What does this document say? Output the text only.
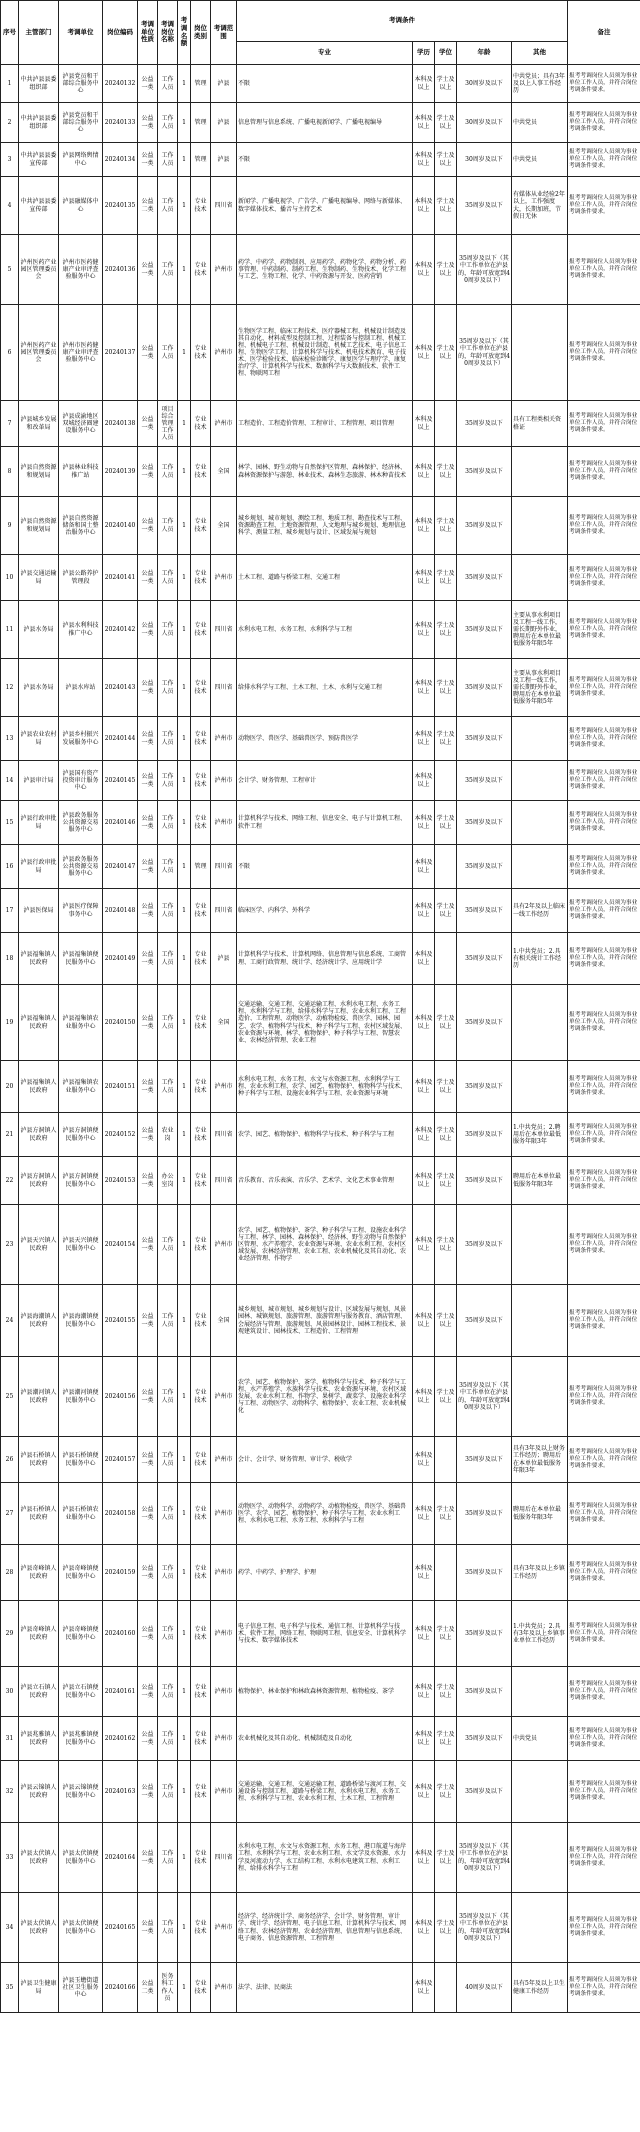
序号	主管部门	考调单位	岗位编码	考调单位性质	考调岗位名称	考调名额	岗位类别	考调范围	考调条件					备注
									专业	学历	学位	年龄	其他	
1	中共泸县县委组织部	泸县党员和干部综合服务中心	20240132	公益一类	工作人员	1	管理	泸县	不限	本科及以上	学士及以上	30周岁及以下	中共党员；具有3年及以上人事工作经历	报考考调岗位人员须为事业单位工作人员，并符合岗位考调条件要求。
2	中共泸县县委组织部	泸县党员和干部综合服务中心	20240133	公益一类	工作人员	1	管理	泸县	信息管理与信息系统、广播电视新闻学、广播电视编导	本科及以上	学士及以上	30周岁及以下	中共党员	报考考调岗位人员须为事业单位工作人员，并符合岗位考调条件要求。
3	中共泸县县委宣传部	泸县网络舆情中心	20240134	公益一类	工作人员	1	管理	泸县	不限	本科及以上	学士及以上	30周岁及以下	中共党员	报考考调岗位人员须为事业单位工作人员，并符合岗位考调条件要求。
4	中共泸县县委宣传部	泸县融媒体中心	20240135	公益二类	工作人员	1	专业技术	四川省	新闻学、广播电视学、广告学、广播电视编导、网络与新媒体、数字媒体技术、播音与主持艺术	本科及以上	学士及以上	35周岁及以下	有媒体从业经验2年以上，工作强度大，长期加班，节假日无休	报考考调岗位人员须为事业单位工作人员，并符合岗位考调条件要求。
5	泸州医药产业园区管理委员会	泸州市医药健康产业审评查验服务中心	20240136	公益一类	工作人员	1	专业技术	泸州市	药学、中药学、药物制剂、应用药学、药物化学、药物分析、药事管理、中药制药、制药工程、生物制药、生物技术、化学工程与工艺、生物工程、化学、中药资源与开发、医药营销	本科及以上	学士及以上	35周岁及以下（其中工作单位在泸县的，年龄可放宽到40周岁及以下）		报考考调岗位人员须为事业单位工作人员，并符合岗位考调条件要求。
6	泸州医药产业园区管理委员会	泸州市医药健康产业审评查验服务中心	20240137	公益一类	工作人员	1	专业技术	泸州市	生物医学工程、临床工程技术、医疗器械工程、机械设计制造及其自动化、材料成型及控制工程、过程装备与控制工程、机械工程、机械电子工程、机械设计制造、机械工艺技术、电子信息工程、生物医学工程、计算机科学与技术、机电技术教育、电子技术、医学检验技术、临床检验诊断学、康复医学与理疗学、康复治疗学、计算机科学与技术、数据科学与大数据技术、软件工程、物联网工程	本科及以上	学士及以上	35周岁及以下（其中工作单位在泸县的，年龄可放宽到40周岁及以下）		报考考调岗位人员须为事业单位工作人员，并符合岗位考调条件要求。
7	泸县城乡发展和改革局	泸县成渝地区双城经济圈建设服务中心	20240138	公益一类	项目综合管理工作人员	1	专业技术	泸州市	工程造价、工程造价管理、工程审计、工程管理、项目管理	本科及以上		35周岁及以下	具有工程类相关资格证	报考考调岗位人员须为事业单位工作人员，并符合岗位考调条件要求。
8	泸县自然资源和规划局	泸县林业科技推广站	20240139	公益一类	工作人员	1	专业技术	全国	林学、园林、野生动物与自然保护区管理、森林保护、经济林、森林资源保护与游憩、林业技术、森林生态旅游、林木种苗技术	本科及以上	学士及以上	35周岁及以下		报考考调岗位人员须为事业单位工作人员，并符合岗位考调条件要求。
9	泸县自然资源和规划局	泸县自然资源储备和国土整治服务中心	20240140	公益一类	工作人员	1	专业技术	全国	城乡规划、城市规划、测绘工程、地质工程、勘查技术与工程、资源勘查工程、土地资源管理、人文地理与城乡规划、地理信息科学、测量工程、城乡规划与设计、区域发展与规划	本科及以上	学士及以上	35周岁及以下		报考考调岗位人员须为事业单位工作人员，并符合岗位考调条件要求。
10	泸县交通运输局	泸县公路养护管理段	20240141	公益一类	工作人员	1	专业技术	泸州市	土木工程、道路与桥梁工程、交通工程	本科及以上	学士及以上	35周岁及以下		报考考调岗位人员须为事业单位工作人员，并符合岗位考调条件要求。
11	泸县水务局	泸县水利科技推广中心	20240142	公益一类	工作人员	1	专业技术	四川省	水利水电工程、水务工程、水利科学与工程	本科及以上	学士及以上	35周岁及以下	主要从事水利项目及工程一线工作，需长期野外作业，聘用后在本单位最低服务年限5年	报考考调岗位人员须为事业单位工作人员，并符合岗位考调条件要求。
12	泸县水务局	泸县水库站	20240143	公益一类	工作人员	1	专业技术	四川省	给排水科学与工程、土木工程、土木、水利与交通工程	本科及以上	学士及以上	35周岁及以下	主要从事水利项目及工程一线工作，需长期野外作业，聘用后在本单位最低服务年限5年	报考考调岗位人员须为事业单位工作人员，并符合岗位考调条件要求。
13	泸县农业农村局	泸县乡村振兴发展服务中心	20240144	公益一类	工作人员	1	专业技术	泸州市	动物医学、兽医学、基础兽医学、预防兽医学	本科及以上	学士及以上	35周岁及以下		报考考调岗位人员须为事业单位工作人员，并符合岗位考调条件要求。
14	泸县审计局	泸县国有资产投资审计服务中心	20240145	公益一类	工作人员	1	专业技术	泸州市	会计学、财务管理、工程审计	本科及以上		35周岁及以下		报考考调岗位人员须为事业单位工作人员，并符合岗位考调条件要求。
15	泸县行政审批局	泸县政务服务公共资源交易服务中心	20240146	公益一类	工作人员	1	专业技术	泸州市	计算机科学与技术、网络工程、信息安全、电子与计算机工程、软件工程	本科及以上	学士及以上	35周岁及以下		报考考调岗位人员须为事业单位工作人员，并符合岗位考调条件要求。
16	泸县行政审批局	泸县政务服务公共资源交易服务中心	20240147	公益一类	工作人员	1	管理	四川省	不限	本科及以上		35周岁及以下		报考考调岗位人员须为事业单位工作人员，并符合岗位考调条件要求。
17	泸县医保局	泸县医疗保障事务中心	20240148	公益一类	工作人员	1	专业技术	四川省	临床医学、内科学、外科学	本科及以上	学士及以上	35周岁及以下	具有2年及以上临床一线工作经历	报考考调岗位人员须为事业单位工作人员，并符合岗位考调条件要求。
18	泸县福集镇人民政府	泸县福集镇便民服务中心	20240149	公益一类	工作人员	1	专业技术	泸县	计算机科学与技术、计算机网络、信息管理与信息系统、工商管理、工商行政管理、统计学、经济统计学、应用统计学	本科及以上		35周岁及以下	1.中共党员；2.具有相关统计工作经历	报考考调岗位人员须为事业单位工作人员，并符合岗位考调条件要求。
19	泸县福集镇人民政府	泸县福集镇农业服务中心	20240150	公益一类	工作人员	1	专业技术	全国	交通运输、交通工程、交通运输工程、水利水电工程、水务工程、水利科学与工程、给排水科学与工程、农业水利工程、工程造价、工程管理、动物医学、动植物检疫、兽医学、园林、园艺、农学、植物科学与技术、种子科学与工程、农村区域发展、农业资源与环境、林学、植物保护、种子科学与工程、智慧农业、农林经济管理、农业工程	本科及以上	学士及以上	35周岁及以下		报考考调岗位人员须为事业单位工作人员，并符合岗位考调条件要求。
20	泸县福集镇人民政府	泸县福集镇农业服务中心	20240151	公益一类	工作人员	1	专业技术	泸州市	水利水电工程、水务工程、水文与水资源工程、水利科学与工程、农业水利工程、农学、园艺、植物保护、植物科学与技术、种子科学与工程、设施农业科学与工程、农业资源与环境	本科及以上	学士及以上	35周岁及以下		报考考调岗位人员须为事业单位工作人员，并符合岗位考调条件要求。
21	泸县方洞镇人民政府	泸县方洞镇便民服务中心	20240152	公益一类	农业岗	1	专业技术	四川省	农学、园艺、植物保护、植物科学与技术、种子科学与工程	本科及以上	学士及以上	35周岁及以下	1.中共党员；2.聘用后在本单位最低服务年限3年	报考考调岗位人员须为事业单位工作人员，并符合岗位考调条件要求。
22	泸县方洞镇人民政府	泸县方洞镇便民服务中心	20240153	公益一类	办公室岗	1	专业技术	四川省	音乐教育、音乐表演、音乐学、艺术学、文化艺术事业管理	本科及以上	学士及以上	35周岁及以下	聘用后在本单位最低服务年限3年	报考考调岗位人员须为事业单位工作人员，并符合岗位考调条件要求。
23	泸县天兴镇人民政府	泸县天兴镇便民服务中心	20240154	公益一类	工作人员	1	专业技术	泸州市	农学、园艺、植物保护、茶学、种子科学与工程、设施农业科学与工程、林学、园林、森林保护、经济林、野生动物与自然保护区管理、水产养殖学、农业资源与环境、农业水利工程、农村区域发展、农林经济管理、农业工程、农业机械化及其自动化、农业经济管理、作物学	本科及以上	学士及以上	35周岁及以下		报考考调岗位人员须为事业单位工作人员，并符合岗位考调条件要求。
24	泸县海潮镇人民政府	泸县海潮镇便民服务中心	20240155	公益一类	工作人员	1	专业技术	全国	城乡规划、城市规划、城乡规划与设计、区域发展与规划、风景园林、城镇规划、旅游管理、旅游管理与服务教育、酒店管理、会展经济与管理、旅游规划、风景园林设计、园林工程技术、景观建筑设计、园林技术、工程造价、工程管理	本科及以上	学士及以上	35周岁及以下		报考考调岗位人员须为事业单位工作人员，并符合岗位考调条件要求。
25	泸县潮河镇人民政府	泸县潮河镇便民服务中心	20240156	公益一类	工作人员	1	专业技术	泸州市	农学、园艺、植物保护、茶学、植物科学与技术、种子科学与工程、水产养殖学、水族科学与技术、农业资源与环境、农村区域发展、农业水利工程、作物学、果树学、蔬菜学、设施农业科学与工程、动物医学、动物科学、植物保护、农业工程、农业机械化	本科及以上	学士及以上	35周岁及以下（其中工作单位在泸县的，年龄可放宽到40周岁及以下）		报考考调岗位人员须为事业单位工作人员，并符合岗位考调条件要求。
26	泸县石桥镇人民政府	泸县石桥镇便民服务中心	20240157	公益一类	工作人员	1	专业技术	泸州市	会计、会计学、财务管理、审计学、税收学	本科及以上		35周岁及以下	具有3年及以上财务工作经历；聘用后在本单位最低服务年限3年	报考考调岗位人员须为事业单位工作人员，并符合岗位考调条件要求。
27	泸县石桥镇人民政府	泸县石桥镇农业服务中心	20240158	公益一类	工作人员	1	专业技术	泸州市	动物医学、动物科学、动物药学、动植物检疫、兽医学、基础兽医学、农学、园艺、植物保护、种子科学与工程、农业水利工程、水利水电工程、水务工程、水利科学与工程	本科及以上	学士及以上	35周岁及以下	聘用后在本单位最低服务年限3年	报考考调岗位人员须为事业单位工作人员，并符合岗位考调条件要求。
28	泸县奇峰镇人民政府	泸县奇峰镇便民服务中心	20240159	公益一类	工作人员	1	专业技术	泸州市	药学、中药学、护理学、护理	本科及以上		35周岁及以下	具有3年及以上乡镇工作经历	报考考调岗位人员须为事业单位工作人员，并符合岗位考调条件要求。
29	泸县奇峰镇人民政府	泸县奇峰镇便民服务中心	20240160	公益一类	工作人员	1	专业技术	泸州市	电子信息工程、电子科学与技术、通信工程、计算机科学与技术、软件工程、网络工程、物联网工程、信息安全、计算机科学与技术、数字媒体技术	本科及以上	学士及以上	35周岁及以下	1.中共党员；2.具有3年及以上乡镇事业单位工作经历	报考考调岗位人员须为事业单位工作人员，并符合岗位考调条件要求。
30	泸县立石镇人民政府	泸县立石镇便民服务中心	20240161	公益一类	工作人员	1	专业技术	泸州市	植物保护、林业保护和林政森林资源管理、植物检疫、茶学	本科及以上	学士及以上	35周岁及以下		报考考调岗位人员须为事业单位工作人员，并符合岗位考调条件要求。
31	泸县兆雅镇人民政府	泸县兆雅镇便民服务中心	20240162	公益一类	工作人员	1	专业技术	泸州市	农业机械化及其自动化、机械制造及自动化	本科及以上	学士及以上	35周岁及以下	中共党员	报考考调岗位人员须为事业单位工作人员，并符合岗位考调条件要求。
32	泸县云锦镇人民政府	泸县云锦镇便民服务中心	20240163	公益一类	工作人员	1	专业技术	泸州市	交通运输、交通工程、交通运输工程、道路桥梁与渡河工程、交通设备与控制工程、道路与桥梁工程、水利水电工程、水务工程、水利科学与工程、农业水利工程、土木工程、工程管理	本科及以上	学士及以上	35周岁及以下		报考考调岗位人员须为事业单位工作人员，并符合岗位考调条件要求。
33	泸县太伏镇人民政府	泸县太伏镇便民服务中心	20240164	公益一类	工作人员	1	专业技术	四川省	水利水电工程、水文与水资源工程、水务工程、港口航道与海岸工程、水利科学与工程、农业水利工程、水文学及水资源、水力学及河流动力学、水工结构工程、水利水电建筑工程、水利工程、给排水科学与工程	本科及以上	学士及以上	35周岁及以下（其中工作单位在泸县的，年龄可放宽到40周岁及以下）		报考考调岗位人员须为事业单位工作人员，并符合岗位考调条件要求。
34	泸县太伏镇人民政府	泸县太伏镇便民服务中心	20240165	公益一类	工作人员	1	专业技术	泸州市	经济学、经济统计学、商务经济学、会计学、财务管理、审计学、统计学、经济管理、电子信息工程、计算机科学与技术、网络工程、农林经济管理、农业经济管理、信息管理与信息系统、电子商务、信息资源管理、工程管理	本科及以上	学士及以上	35周岁及以下（其中工作单位在泸县的，年龄可放宽到40周岁及以下）		报考考调岗位人员须为事业单位工作人员，并符合岗位考调条件要求。
35	泸县卫生健康局	泸县玉蟾街道社区卫生服务中心	20240166	公益二类	医务科工作人员	1	专业技术	泸州市	法学、法律、民商法	本科及以上		40周岁及以下	具有5年及以上卫生健康工作经历	报考考调岗位人员须为事业单位工作人员，并符合岗位考调条件要求。
